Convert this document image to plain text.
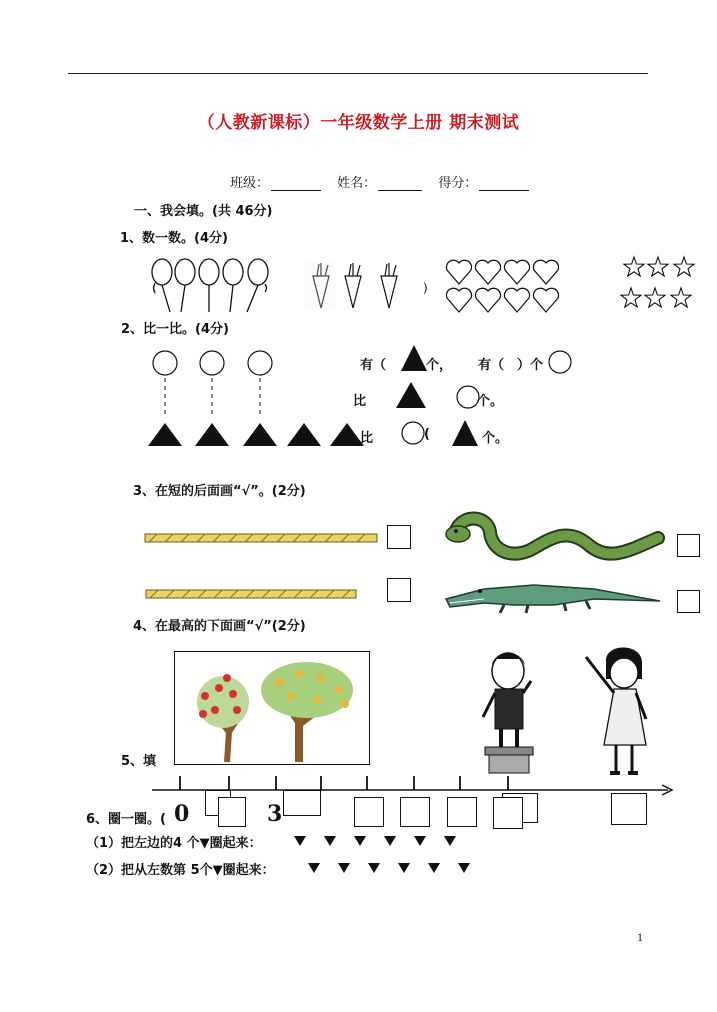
（人教新课标）一年级数学上册 期末测试
班级：	姓名：	得分：
一、我会填。(共 46分)
1、数一数。(4分)
)
(
2、比一比。(4分)
有（	个， 有（　）个
比	个。
比	(	个。
3、在短的后面画“√”。(2分)
4、在最高的下面画“√”(2分)
5、填
0	3
6、圈一圈。(
（1）把左边的4 个▼圈起来：
（2）把从左数第 5个▼圈起来：
1
